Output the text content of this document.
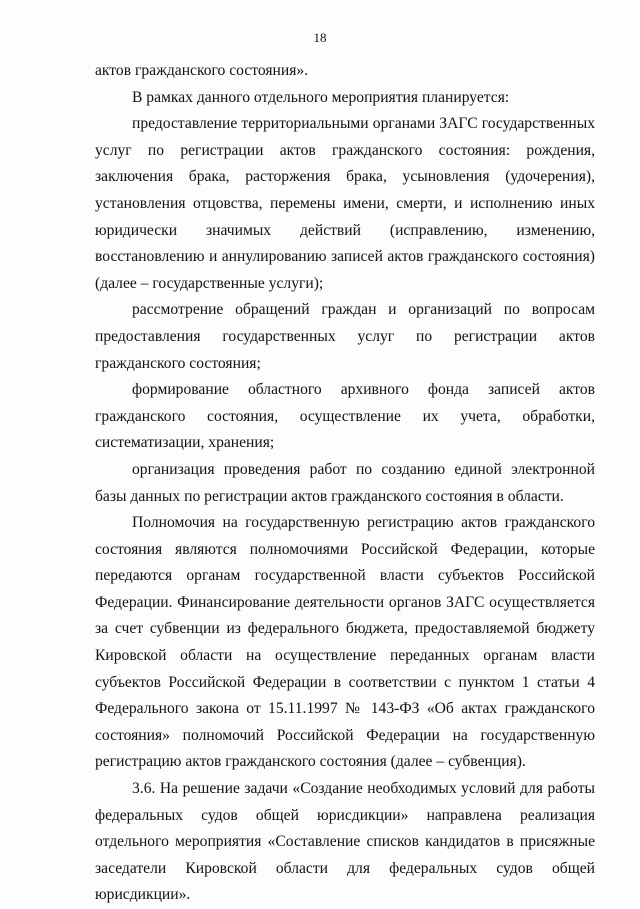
18

актов гражданского состояния».

В рамках данного отдельного мероприятия планируется:

предоставление территориальными органами ЗАГС государственных услуг по регистрации актов гражданского состояния: рождения, заключения брака, расторжения брака, усыновления (удочерения), установления отцовства, перемены имени, смерти, и исполнению иных юридически значимых действий (исправлению, изменению, восстановлению и аннулированию записей актов гражданского состояния) (далее – государственные услуги);

рассмотрение обращений граждан и организаций по вопросам предоставления государственных услуг по регистрации актов гражданского состояния;

формирование областного архивного фонда записей актов гражданского состояния, осуществление их учета, обработки, систематизации, хранения;

организация проведения работ по созданию единой электронной базы данных по регистрации актов гражданского состояния в области.

Полномочия на государственную регистрацию актов гражданского состояния являются полномочиями Российской Федерации, которые передаются органам государственной власти субъектов Российской Федерации. Финансирование деятельности органов ЗАГС осуществляется за счет субвенции из федерального бюджета, предоставляемой бюджету Кировской области на осуществление переданных органам власти субъектов Российской Федерации в соответствии с пунктом 1 статьи 4 Федерального закона от 15.11.1997 № 143-ФЗ «Об актах гражданского состояния» полномочий Российской Федерации на государственную регистрацию актов гражданского состояния (далее – субвенция).

3.6. На решение задачи «Создание необходимых условий для работы федеральных судов общей юрисдикции» направлена реализация отдельного мероприятия «Составление списков кандидатов в присяжные заседатели Кировской области для федеральных судов общей юрисдикции».
